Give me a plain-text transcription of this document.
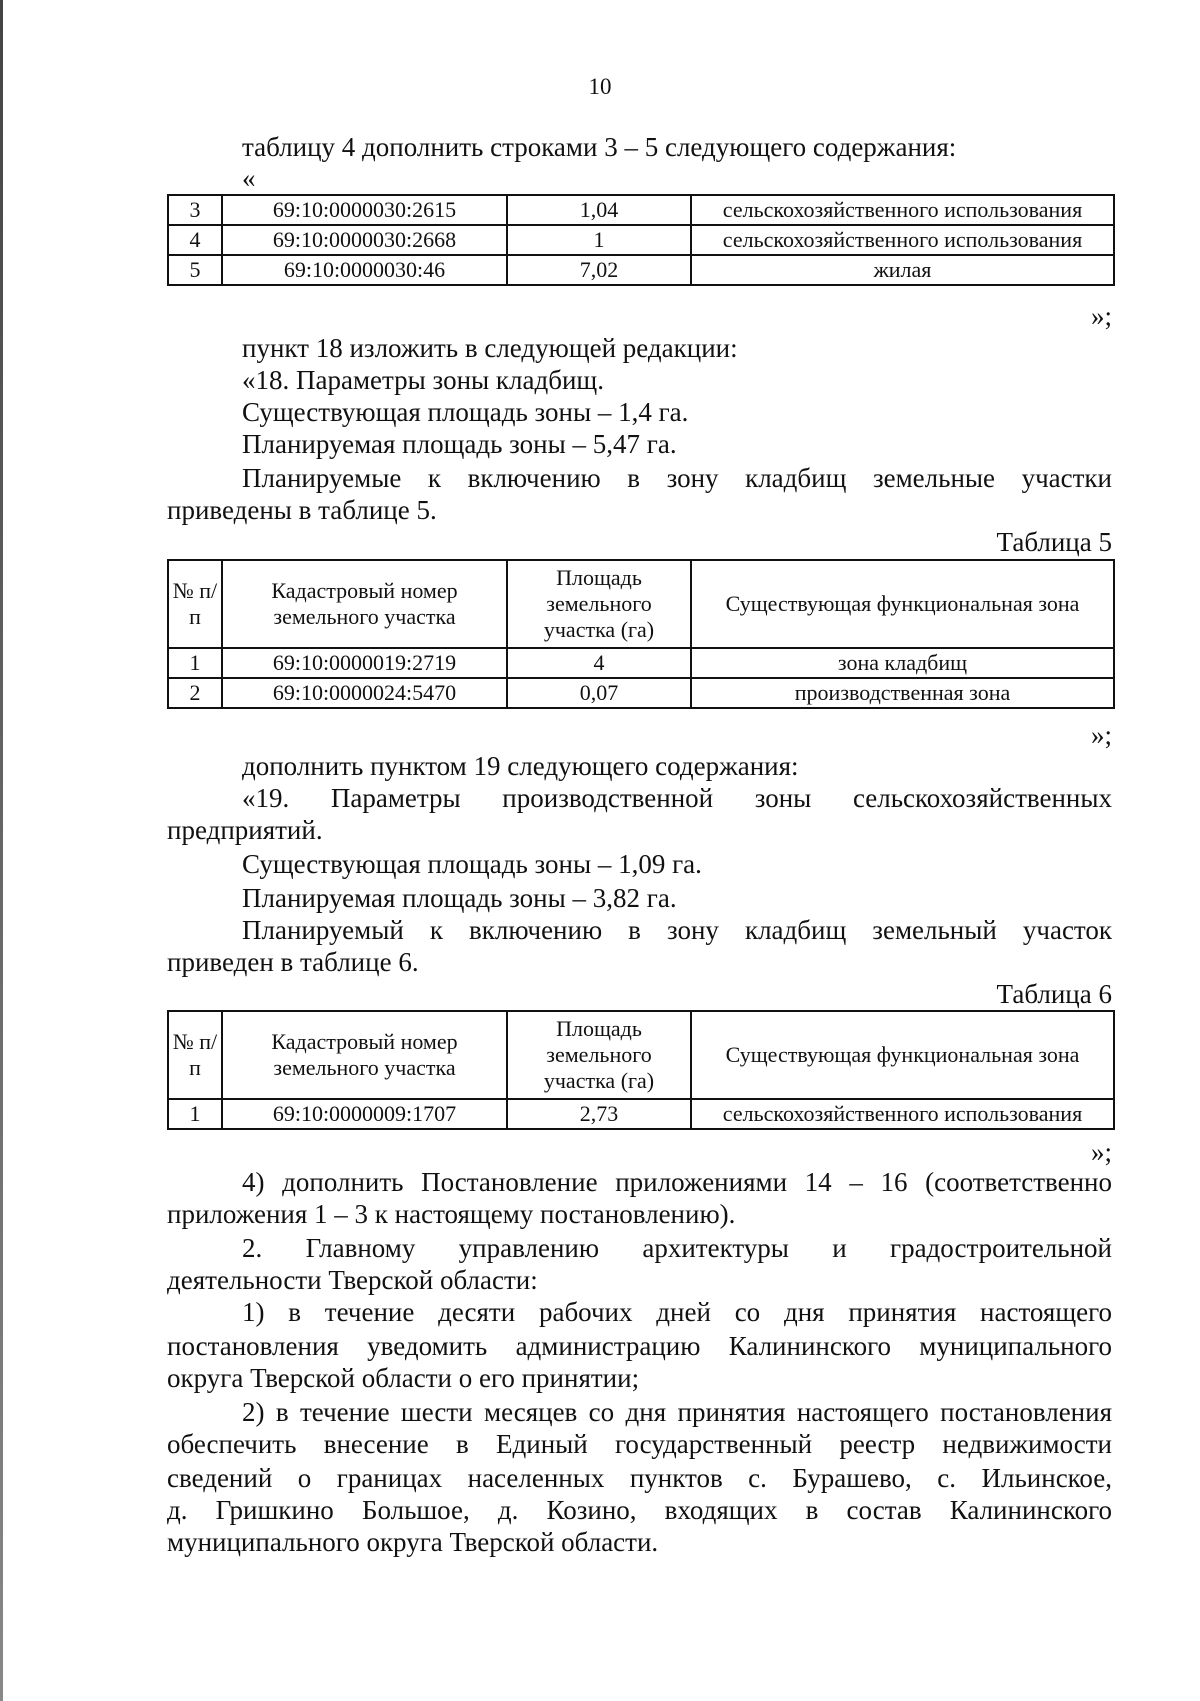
10
таблицу 4 дополнить строками 3 – 5 следующего содержания:
«
3	69:10:0000030:2615	1,04	сельскохозяйственного использования
4	69:10:0000030:2668	1	сельскохозяйственного использования
5	69:10:0000030:46	7,02	жилая
»;
пункт 18 изложить в следующей редакции:
«18. Параметры зоны кладбищ.
Существующая площадь зоны – 1,4 га.
Планируемая площадь зоны – 5,47 га.
Планируемые к включению в зону кладбищ земельные участки
приведены в таблице 5.
Таблица 5
№ п/п	Кадастровый номер земельного участка	Площадь земельного участка (га)	Существующая функциональная зона
1	69:10:0000019:2719	4	зона кладбищ
2	69:10:0000024:5470	0,07	производственная зона
»;
дополнить пунктом 19 следующего содержания:
«19. Параметры производственной зоны сельскохозяйственных
предприятий.
Существующая площадь зоны – 1,09 га.
Планируемая площадь зоны – 3,82 га.
Планируемый к включению в зону кладбищ земельный участок
приведен в таблице 6.
Таблица 6
№ п/п	Кадастровый номер земельного участка	Площадь земельного участка (га)	Существующая функциональная зона
1	69:10:0000009:1707	2,73	сельскохозяйственного использования
»;
4) дополнить Постановление приложениями 14 – 16 (соответственно
приложения 1 – 3 к настоящему постановлению).
2. Главному управлению архитектуры и градостроительной
деятельности Тверской области:
1) в течение десяти рабочих дней со дня принятия настоящего
постановления уведомить администрацию Калининского муниципального
округа Тверской области о его принятии;
2) в течение шести месяцев со дня принятия настоящего постановления
обеспечить внесение в Единый государственный реестр недвижимости
сведений о границах населенных пунктов с. Бурашево, с. Ильинское,
д. Гришкино Большое, д. Козино, входящих в состав Калининского
муниципального округа Тверской области.
